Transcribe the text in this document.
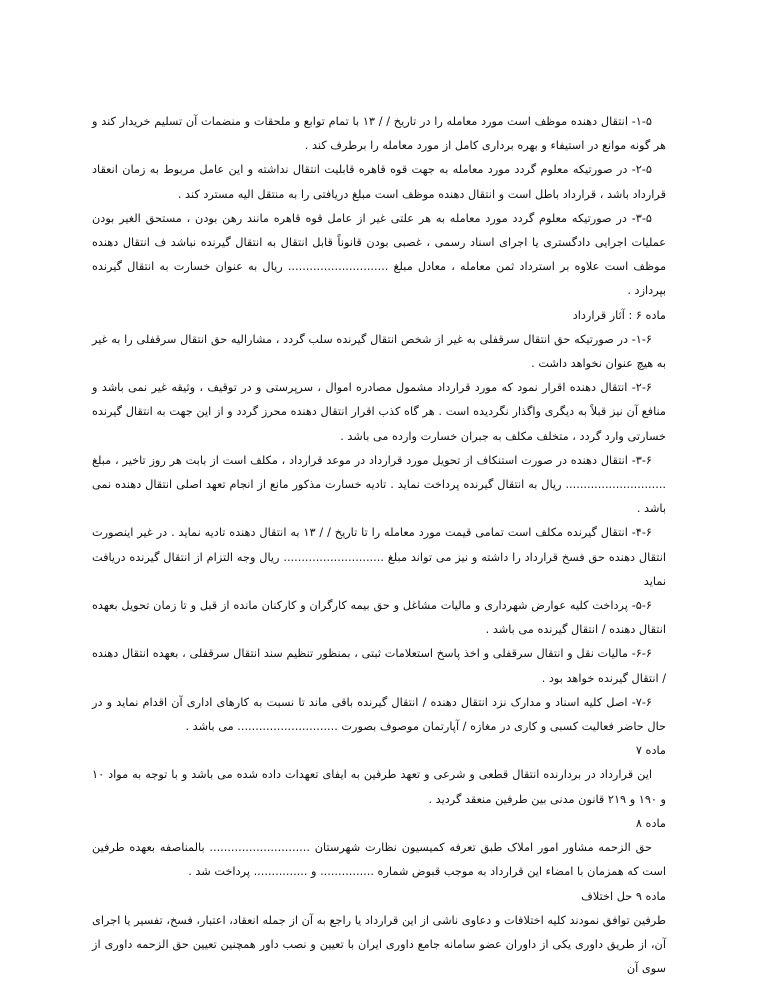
۱-۵- انتقال دهنده موظف است مورد معامله را در تاریخ / / ۱۳ با تمام توابع و ملحقات و منضمات آن تسلیم خریدار کند و هر گونه موانع در استیفاء و بهره برداری کامل از مورد معامله را برطرف کند .

۲-۵- در صورتیکه معلوم گردد مورد معامله به جهت قوه قاهره قابلیت انتقال نداشته و این عامل مربوط به زمان انعقاد قرارداد باشد ، قرارداد باطل است و انتقال دهنده موظف است مبلغ دریافتی را به منتقل الیه مسترد کند .

۳-۵- در صورتیکه معلوم گردد مورد معامله به هر علتی غیر از عامل قوه قاهره مانند رهن بودن ، مستحق الغیر بودن عملیات اجرایی دادگستری یا اجرای اسناد رسمی ، غصبی بودن قانوناً قابل انتقال به انتقال گیرنده نباشد ف انتقال دهنده موظف است علاوه بر استرداد ثمن معامله ، معادل مبلغ ............................ ریال به عنوان خسارت به انتقال گیرنده بپردازد .

ماده ۶ : آثار قرارداد

۱-۶- در صورتیکه حق انتقال سرقفلی به غیر از شخص انتقال گیرنده سلب گردد ، مشارالیه حق انتقال سرقفلی را به غیر به هیچ عنوان نخواهد داشت .

۲-۶- انتقال دهنده اقرار نمود که مورد قرارداد مشمول مصادره اموال ، سرپرستی و در توقیف ، وثیقه غیر نمی باشد و منافع آن نیز قبلاً به دیگری واگذار نگردیده است . هر گاه کذب اقرار انتقال دهنده محرز گردد و از این جهت به انتقال گیرنده خسارتی وارد گردد ، متخلف مکلف به جبران خسارت وارده می باشد .

۳-۶- انتقال دهنده در صورت استنکاف از تحویل مورد قرارداد در موعد قرارداد ، مکلف است از بابت هر روز تاخیر ، مبلغ ............................ ریال به انتقال گیرنده پرداخت نماید . تادیه خسارت مذکور مانع از انجام تعهد اصلی انتقال دهنده نمی باشد .

۴-۶- انتقال گیرنده مکلف است تمامی قیمت مورد معامله را تا تاریخ / / ۱۳ به انتقال دهنده تادیه نماید . در غیر اینصورت انتقال دهنده حق فسخ قرارداد را داشته و نیز می تواند مبلغ ............................ ریال وجه التزام از انتقال گیرنده دریافت نماید

۵-۶- پرداخت کلیه عوارض شهرداری و مالیات مشاغل و حق بیمه کارگران و کارکنان مانده از قبل و تا زمان تحویل بعهده انتقال دهنده / انتقال گیرنده می باشد .

۶-۶- مالیات نقل و انتقال سرقفلی و اخذ پاسخ استعلامات ثبتی ، بمنظور تنظیم سند انتقال سرقفلی ، بعهده انتقال دهنده / انتقال گیرنده خواهد بود .

۷-۶- اصل کلیه اسناد و مدارک نزد انتقال دهنده / انتقال گیرنده باقی ماند تا نسبت به کارهای اداری آن اقدام نماید و در حال حاضر فعالیت کسبی و کاری در مغازه / آپارتمان موصوف بصورت ............................ می باشد .

ماده ۷

این قرارداد در بردارنده انتقال قطعی و شرعی و تعهد طرفین به ایفای تعهدات داده شده می باشد و با توجه به مواد ۱۰ و ۱۹۰ و ۲۱۹ قانون مدنی بین طرفین منعقد گردید .

ماده ۸

حق الزحمه مشاور امور املاک طبق تعرفه کمیسیون نظارت شهرستان ............................ بالمناصفه بعهده طرفین است که همزمان با امضاء این قرارداد به موجب قبوض شماره ............... و ............... پرداخت شد .

ماده ۹ حل اختلاف

طرفین توافق نمودند کلیه اختلافات و دعاوی ناشی از این قرارداد یا راجع به آن از جمله انعقاد، اعتبار، فسخ، تفسیر یا اجرای آن، از طریق داوری یکی از داوران عضو سامانه جامع داوری ایران با تعیین و نصب داور همچنین تعیین حق الزحمه داوری از سوی آن
